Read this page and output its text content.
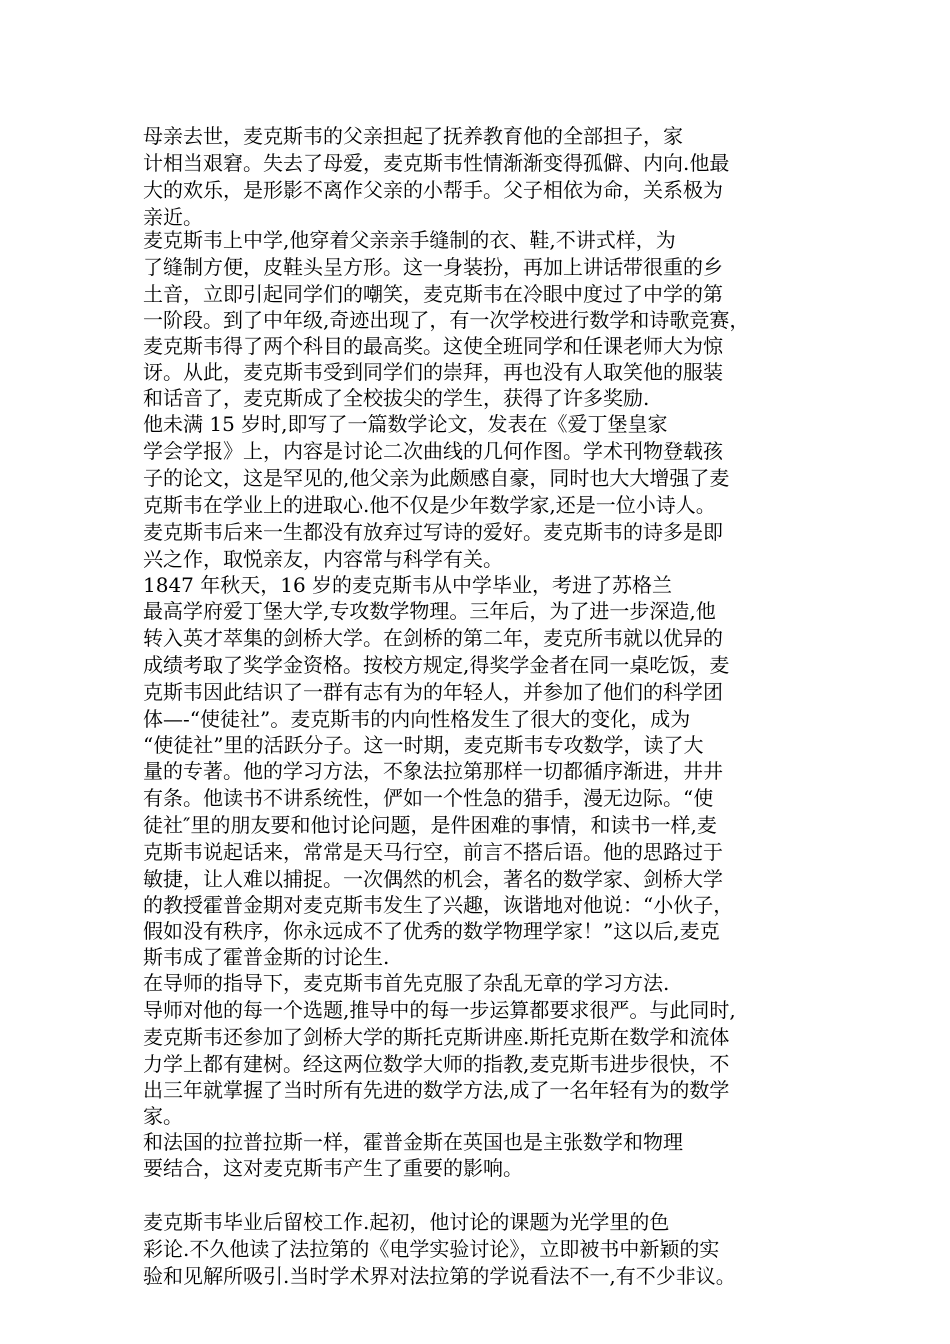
母亲去世，麦克斯韦的父亲担起了抚养教育他的全部担子，家
计相当艰窘。失去了母爱，麦克斯韦性情渐渐变得孤僻、内向.他最
大的欢乐，是形影不离作父亲的小帮手。父子相依为命，关系极为
亲近。
麦克斯韦上中学,他穿着父亲亲手缝制的衣、鞋,不讲式样，为
了缝制方便，皮鞋头呈方形。这一身装扮，再加上讲话带很重的乡
土音，立即引起同学们的嘲笑，麦克斯韦在冷眼中度过了中学的第
一阶段。到了中年级,奇迹出现了，有一次学校进行数学和诗歌竞赛，
麦克斯韦得了两个科目的最高奖。这使全班同学和任课老师大为惊
讶。从此，麦克斯韦受到同学们的崇拜，再也没有人取笑他的服装
和话音了，麦克斯成了全校拔尖的学生，获得了许多奖励.
他未满 15 岁时,即写了一篇数学论文，发表在《爱丁堡皇家
学会学报》上，内容是讨论二次曲线的几何作图。学术刊物登载孩
子的论文，这是罕见的,他父亲为此颇感自豪，同时也大大增强了麦
克斯韦在学业上的进取心.他不仅是少年数学家,还是一位小诗人。
麦克斯韦后来一生都没有放弃过写诗的爱好。麦克斯韦的诗多是即
兴之作，取悦亲友，内容常与科学有关。
1847 年秋天，16 岁的麦克斯韦从中学毕业，考进了苏格兰
最高学府爱丁堡大学,专攻数学物理。三年后，为了进一步深造,他
转入英才萃集的剑桥大学。在剑桥的第二年，麦克所韦就以优异的
成绩考取了奖学金资格。按校方规定,得奖学金者在同一桌吃饭，麦
克斯韦因此结识了一群有志有为的年轻人，并参加了他们的科学团
体—-“使徒社”。麦克斯韦的内向性格发生了很大的变化，成为
“使徒社”里的活跃分子。这一时期，麦克斯韦专攻数学，读了大
量的专著。他的学习方法，不象法拉第那样一切都循序渐进，井井
有条。他读书不讲系统性，俨如一个性急的猎手，漫无边际。“使
徒社″里的朋友要和他讨论问题，是件困难的事情，和读书一样,麦
克斯韦说起话来，常常是天马行空，前言不搭后语。他的思路过于
敏捷，让人难以捕捉。一次偶然的机会，著名的数学家、剑桥大学
的教授霍普金期对麦克斯韦发生了兴趣，诙谐地对他说：“小伙子，
假如没有秩序，你永远成不了优秀的数学物理学家！”这以后,麦克
斯韦成了霍普金斯的讨论生.
在导师的指导下，麦克斯韦首先克服了杂乱无章的学习方法.
导师对他的每一个选题,推导中的每一步运算都要求很严。与此同时,
麦克斯韦还参加了剑桥大学的斯托克斯讲座.斯托克斯在数学和流体
力学上都有建树。经这两位数学大师的指教,麦克斯韦进步很快，不
出三年就掌握了当时所有先进的数学方法,成了一名年轻有为的数学
家。
和法国的拉普拉斯一样，霍普金斯在英国也是主张数学和物理
要结合，这对麦克斯韦产生了重要的影响。
麦克斯韦毕业后留校工作.起初，他讨论的课题为光学里的色
彩论.不久他读了法拉第的《电学实验讨论》，立即被书中新颖的实
验和见解所吸引.当时学术界对法拉第的学说看法不一,有不少非议。
